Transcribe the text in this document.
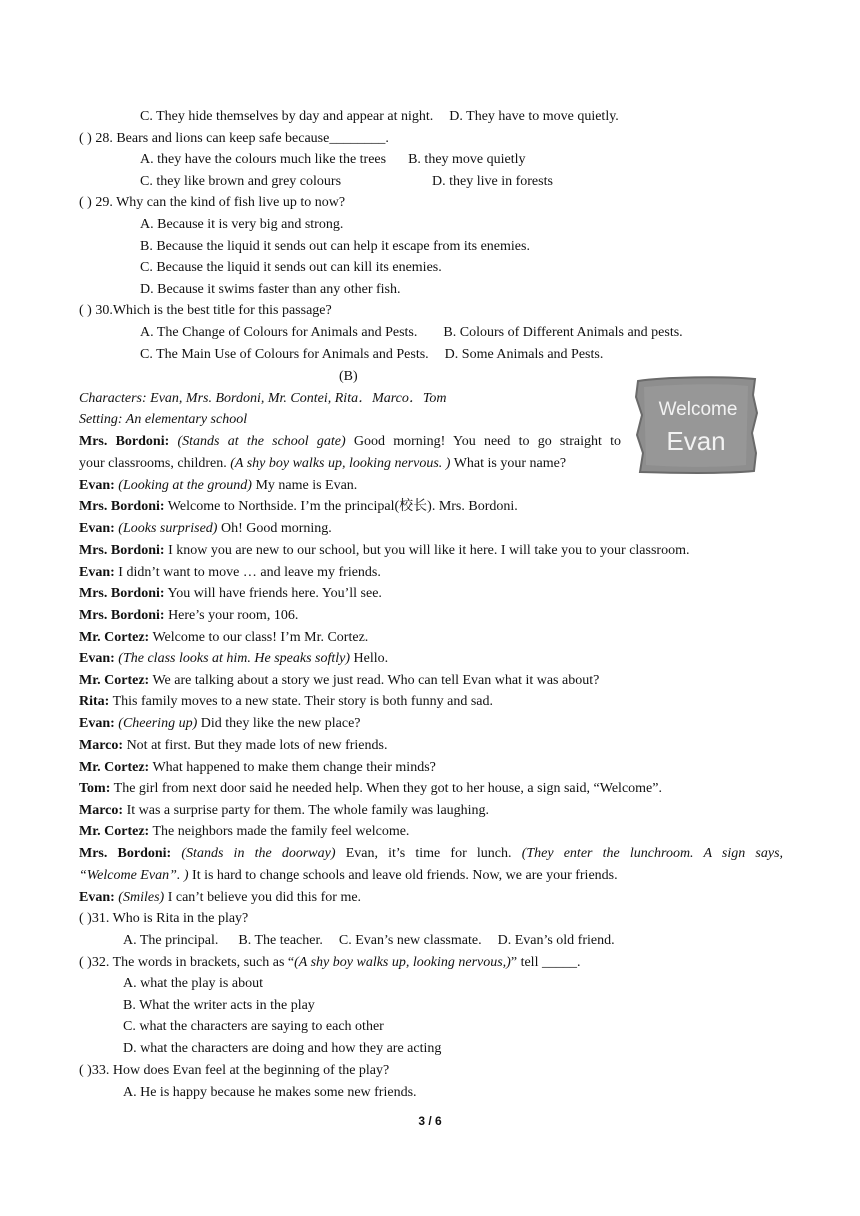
C. They hide themselves by day and appear at night. D. They have to move quietly.
( ) 28. Bears and lions can keep safe because________.
A. they have the colours much like the trees B. they move quietly
C. they like brown and grey colours	D. they live in forests
( ) 29. Why can the kind of fish live up to now?
A. Because it is very big and strong.
B. Because the liquid it sends out can help it escape from its enemies.
C. Because the liquid it sends out can kill its enemies.
D. Because it swims faster than any other fish.
( ) 30.Which is the best title for this passage?
A. The Change of Colours for Animals and Pests. B. Colours of Different Animals and pests.
C. The Main Use of Colours for Animals and Pests. D. Some Animals and Pests.
(B)
Characters: Evan, Mrs. Bordoni, Mr. Contei, Rita．Marco．Tom
Setting: An elementary school	Welcome
Evan
Mrs. Bordoni: (Stands at the school gate) Good morning! You need to go straight to
your classrooms, children. (A shy boy walks up, looking nervous. ) What is your name?
Evan: (Looking at the ground) My name is Evan.
Mrs. Bordoni: Welcome to Northside. I’m the principal(校长). Mrs. Bordoni.
Evan: (Looks surprised) Oh! Good morning.
Mrs. Bordoni: I know you are new to our school, but you will like it here. I will take you to your classroom.
Evan: I didn’t want to move … and leave my friends.
Mrs. Bordoni: You will have friends here. You’ll see.
Mrs. Bordoni: Here’s your room, 106.
Mr. Cortez: Welcome to our class! I’m Mr. Cortez.
Evan: (The class looks at him. He speaks softly) Hello.
Mr. Cortez: We are talking about a story we just read. Who can tell Evan what it was about?
Rita: This family moves to a new state. Their story is both funny and sad.
Evan: (Cheering up) Did they like the new place?
Marco: Not at first. But they made lots of new friends.
Mr. Cortez: What happened to make them change their minds?
Tom: The girl from next door said he needed help. When they got to her house, a sign said, “Welcome”.
Marco: It was a surprise party for them. The whole family was laughing.
Mr. Cortez: The neighbors made the family feel welcome.
Mrs. Bordoni: (Stands in the doorway) Evan, it’s time for lunch. (They enter the lunchroom. A sign says,
“Welcome Evan”. ) It is hard to change schools and leave old friends. Now, we are your friends.
Evan: (Smiles) I can’t believe you did this for me.
( )31. Who is Rita in the play?
A. The principal. B. The teacher. C. Evan’s new classmate. D. Evan’s old friend.
( )32. The words in brackets, such as “(A shy boy walks up, looking nervous,)” tell _____.
A. what the play is about
B. What the writer acts in the play
C. what the characters are saying to each other
D. what the characters are doing and how they are acting
( )33. How does Evan feel at the beginning of the play?
A. He is happy because he makes some new friends.
3 / 6
